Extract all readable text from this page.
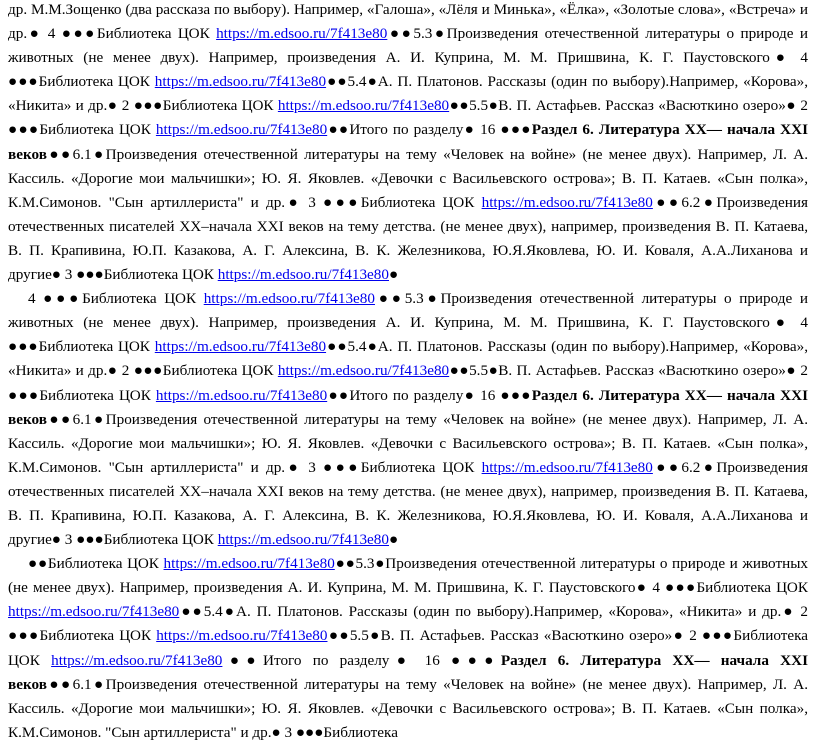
др. М.М.Зощенко (два рассказа по выбору). Например, «Галоша», «Лёля и Минька», «Ёлка», «Золотые слова», «Встреча» и др.● 4 ●●●Библиотека ЦОК https://m.edsoo.ru/7f413e80●●5.3●Произведения отечественной литературы о природе и животных (не менее двух). Например, произведения А. И. Куприна, М. М. Пришвина, К. Г. Паустовского● 4 ●●●Библиотека ЦОК https://m.edsoo.ru/7f413e80●●5.4●А. П. Платонов. Рассказы (один по выбору).Например, «Корова», «Никита» и др.● 2 ●●●Библиотека ЦОК https://m.edsoo.ru/7f413e80●●5.5●В. П. Астафьев. Рассказ «Васюткино озеро»● 2 ●●●Библиотека ЦОК https://m.edsoo.ru/7f413e80●●Итого по разделу● 16 ●●●Раздел 6. Литература XX— начала XXI веков●●6.1●Произведения отечественной литературы на тему «Человек на войне» (не менее двух). Например, Л. А. Кассиль. «Дорогие мои мальчишки»; Ю. Я. Яковлев. «Девочки с Васильевского острова»; В. П. Катаев. «Сын полка», К.М.Симонов. "Сын артиллериста" и др.● 3 ●●●Библиотека ЦОК https://m.edsoo.ru/7f413e80●●6.2●Произведения отечественных писателей XX–начала XXI веков на тему детства. (не менее двух), например, произведения В. П. Катаева, В. П. Крапивина, Ю.П. Казакова, А. Г. Алексина, В. К. Железникова, Ю.Я.Яковлева, Ю. И. Коваля, А.А.Лиханова и другие● 3 ●●●Библиотека ЦОК https://m.edsoo.ru/7f413e80●

4 ●●●Библиотека ЦОК https://m.edsoo.ru/7f413e80●●5.3●Произведения отечественной литературы о природе и животных (не менее двух). Например, произведения А. И. Куприна, М. М. Пришвина, К. Г. Паустовского● 4 ●●●Библиотека ЦОК https://m.edsoo.ru/7f413e80●●5.4●А. П. Платонов. Рассказы (один по выбору).Например, «Корова», «Никита» и др.● 2 ●●●Библиотека ЦОК https://m.edsoo.ru/7f413e80●●5.5●В. П. Астафьев. Рассказ «Васюткино озеро»● 2 ●●●Библиотека ЦОК https://m.edsoo.ru/7f413e80●●Итого по разделу● 16 ●●●Раздел 6. Литература XX— начала XXI веков●●6.1●Произведения отечественной литературы на тему «Человек на войне» (не менее двух). Например, Л. А. Кассиль. «Дорогие мои мальчишки»; Ю. Я. Яковлев. «Девочки с Васильевского острова»; В. П. Катаев. «Сын полка», К.М.Симонов. "Сын артиллериста" и др.● 3 ●●●Библиотека ЦОК https://m.edsoo.ru/7f413e80●●6.2●Произведения отечественных писателей XX–начала XXI веков на тему детства. (не менее двух), например, произведения В. П. Катаева, В. П. Крапивина, Ю.П. Казакова, А. Г. Алексина, В. К. Железникова, Ю.Я.Яковлева, Ю. И. Коваля, А.А.Лиханова и другие● 3 ●●●Библиотека ЦОК https://m.edsoo.ru/7f413e80●

●●Библиотека ЦОК https://m.edsoo.ru/7f413e80●●5.3●Произведения отечественной литературы о природе и животных (не менее двух). Например, произведения А. И. Куприна, М. М. Пришвина, К. Г. Паустовского● 4 ●●●Библиотека ЦОК https://m.edsoo.ru/7f413e80●●5.4●А. П. Платонов. Рассказы (один по выбору).Например, «Корова», «Никита» и др.● 2 ●●●Библиотека ЦОК https://m.edsoo.ru/7f413e80●●5.5●В. П. Астафьев. Рассказ «Васюткино озеро»● 2 ●●●Библиотека ЦОК https://m.edsoo.ru/7f413e80●●Итого по разделу● 16 ●●●Раздел 6. Литература XX— начала XXI веков●●6.1●Произведения отечественной литературы на тему «Человек на войне» (не менее двух). Например, Л. А. Кассиль. «Дорогие мои мальчишки»; Ю. Я. Яковлев. «Девочки с Васильевского острова»; В. П. Катаев. «Сын полка», К.М.Симонов. "Сын артиллериста" и др.● 3 ●●●Библиотека
